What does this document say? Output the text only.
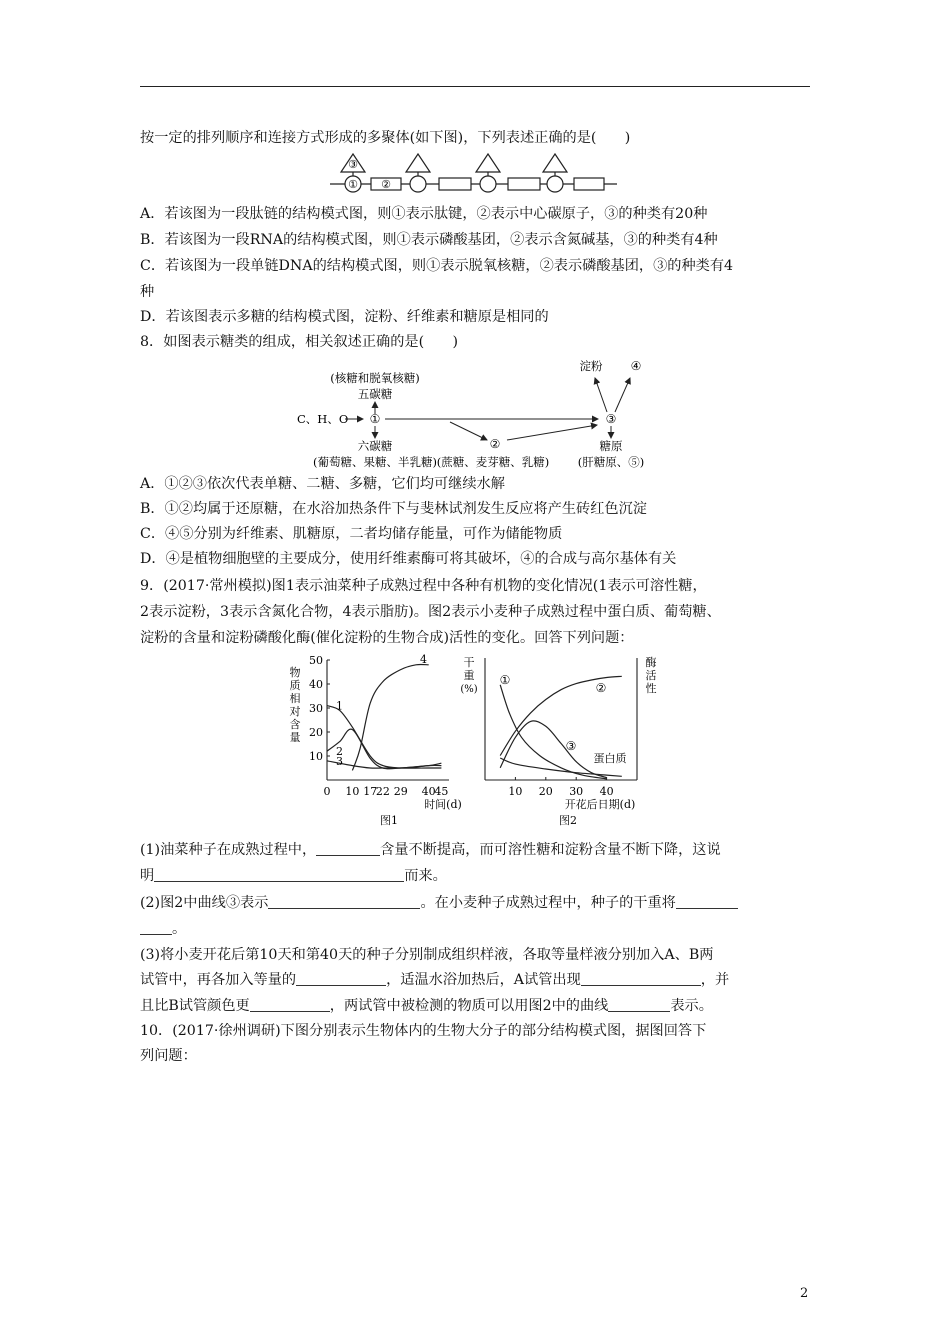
按一定的排列顺序和连接方式形成的多聚体(如下图)，下列表述正确的是(　　)
③
① ②
A．若该图为一段肽链的结构模式图，则①表示肽键，②表示中心碳原子，③的种类有20种
B．若该图为一段RNA的结构模式图，则①表示磷酸基团，②表示含氮碱基，③的种类有4种
C．若该图为一段单链DNA的结构模式图，则①表示脱氧核糖，②表示磷酸基团，③的种类有4
种
D．若该图表示多糖的结构模式图，淀粉、纤维素和糖原是相同的
8．如图表示糖类的组成，相关叙述正确的是(　　)
(核糖和脱氧核糖)
五碳糖
C、H、O ①	③
六碳糖
(葡萄糖、果糖、半乳糖)
②
(蔗糖、麦芽糖、乳糖)
淀粉 ④
糖原
(肝糖原、⑤)
A．①②③依次代表单糖、二糖、多糖，它们均可继续水解
B．①②均属于还原糖，在水浴加热条件下与斐林试剂发生反应将产生砖红色沉淀
C．④⑤分别为纤维素、肌糖原，二者均储存能量，可作为储能物质
D．④是植物细胞壁的主要成分，使用纤维素酶可将其破坏，④的合成与高尔基体有关
9．(2017·常州模拟)图1表示油菜种子成熟过程中各种有机物的变化情况(1表示可溶性糖，
2表示淀粉，3表示含氮化合物，4表示脂肪)。图2表示小麦种子成熟过程中蛋白质、葡萄糖、
淀粉的含量和淀粉磷酸化酶(催化淀粉的生物合成)活性的变化。回答下列问题：
物
质
相
对
含
量
10
20
30
40
50
0 10 17
22 29 40
45
1
2
3
4
时间(d)
图1
干
重
(%)
酶
活
性
10 20 30 40
①
②
③
蛋白质
开花后日期(d)
图2
(1)油菜种子在成熟过程中，	含量不断提高，而可溶性糖和淀粉含量不断下降，这说
明	而来。
(2)图2中曲线③表示	。在小麦种子成熟过程中，种子的干重将
。
(3)将小麦开花后第10天和第40天的种子分别制成组织样液，各取等量样液分别加入A、B两
试管中，再各加入等量的	，适温水浴加热后，A试管出现	，并
且比B试管颜色更	，两试管中被检测的物质可以用图2中的曲线	表示。
10．(2017·徐州调研)下图分别表示生物体内的生物大分子的部分结构模式图，据图回答下
列问题：
2
